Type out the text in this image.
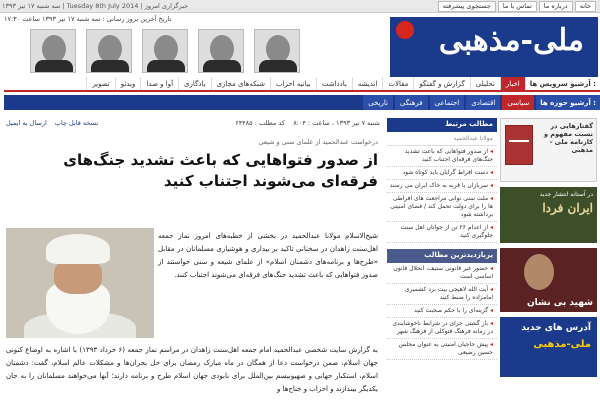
سه شنبه ۱۷ تیر ۱۳۹۳ | Tuesday 8th July 2014 | خبرگزاری امروز	خانه
درباره ما
تماس با ما
جستجوی پیشرفته
تاریخ آخرین بروز رسانی : سه شنبه ۱۷ تیر ۱۳۹۳ ساعت ۱۷:۳۰
ملی-مذهبی
آرشیو سرویس ها :
اخبار
تحلیلی
گزارش و گفتگو
مقالات
اندیشه
یادداشت
بیانیه احزاب
شبکه‌های مجازی
یادگاری
آوا و صدا
ویدئو
تصویر
آرشیو حوزه ها :
سیاسی
اقتصادی
اجتماعی
فرهنگی
تاریخی
شنبه ۷ تیر ۱۳۹۳ ، ساعت : ۸:۰۴    کد مطلب : ۶۴۴۸۵
نسخه قابل چاپ ارسال به ایمیل
درخواست عبدالحمید از علمای سنی و شیعی
از صدور فتواهایی که باعث تشدید جنگ‌های فرقه‌ای می‌شوند اجتناب کنید
شیخ‌الاسلام مولانا عبدالحمید در بخشی از خطبه‌های امروز نماز جمعه اهل‌سنت زاهدان در سخنانی تاکید بر بیداری و هوشیاری مسلمانان در مقابل «طرح‌ها و برنامه‌های دشمنان اسلام» از علمای شیعه و سنی خواستند از صدور فتواهایی که باعث تشدید جنگ‌های فرقه‌ای می‌شوند اجتناب کنند.
به گزارش سایت شخصی عبدالحمید امام جمعه اهل‌سنت زاهدان در مراسم نماز جمعه (۶ خرداد ۱۳۹۳) با اشاره به اوضاع کنونی جهان اسلام، ضمن درخواست دعا از همگان در ماه مبارک رمضان برای حل بحران‌ها و مشکلات عالم اسلام، گفت: دشمنان اسلام، استکبار جهانی و صهیونیسم بین‌الملل برای نابودی جهان اسلام طرح و برنامه دارند؛ آنها می‌خواهند مسلمانان را به جان یکدیگر بیندازند و احزاب و جناح‌ها و
مطالب مرتبط
مولانا عبدالحمید
◂ از صدور فتواهایی که باعث تشدید جنگ‌های فرقه‌ای اجتناب کنید
◂ دست افراط گرایان باید کوتاه شود
◂ سربازان با قربه به خاک ایران می رسند
◂ ملت سنی نوانی مراجعت های افراطی ها را برای دولت تحمل کند / فضای امنیتی برداشته شود
◂ از اعدام ۲۶ تن از جوانان اهل سنت جلوگیری کنید
پربازدیدترین مطالب
◂ حضور غیر قانونی ستیف، انحلال قانون اساسی است
◂ آیت الله لاهیجی بیت برد کشمیری امامزاده را ضبط کنید
◂ گزینه‌ای را با حکم صحبت کنید
◂ باز گشتی جرای در شرایط ناخوشایندی در زمانه فرهنگ فتوکلی از فرهنگ شهر
◂ پیش حاجیان امنیتی به عنوان مجلس حسین رضیعی
گفتارهایی در نسبت مفهوم و کارنامه ملی - مذهبی
در آستانه انتشار جدید
ایران فردا
شهید بی نشان
آدرس های جدید
ملی-مذهبی
